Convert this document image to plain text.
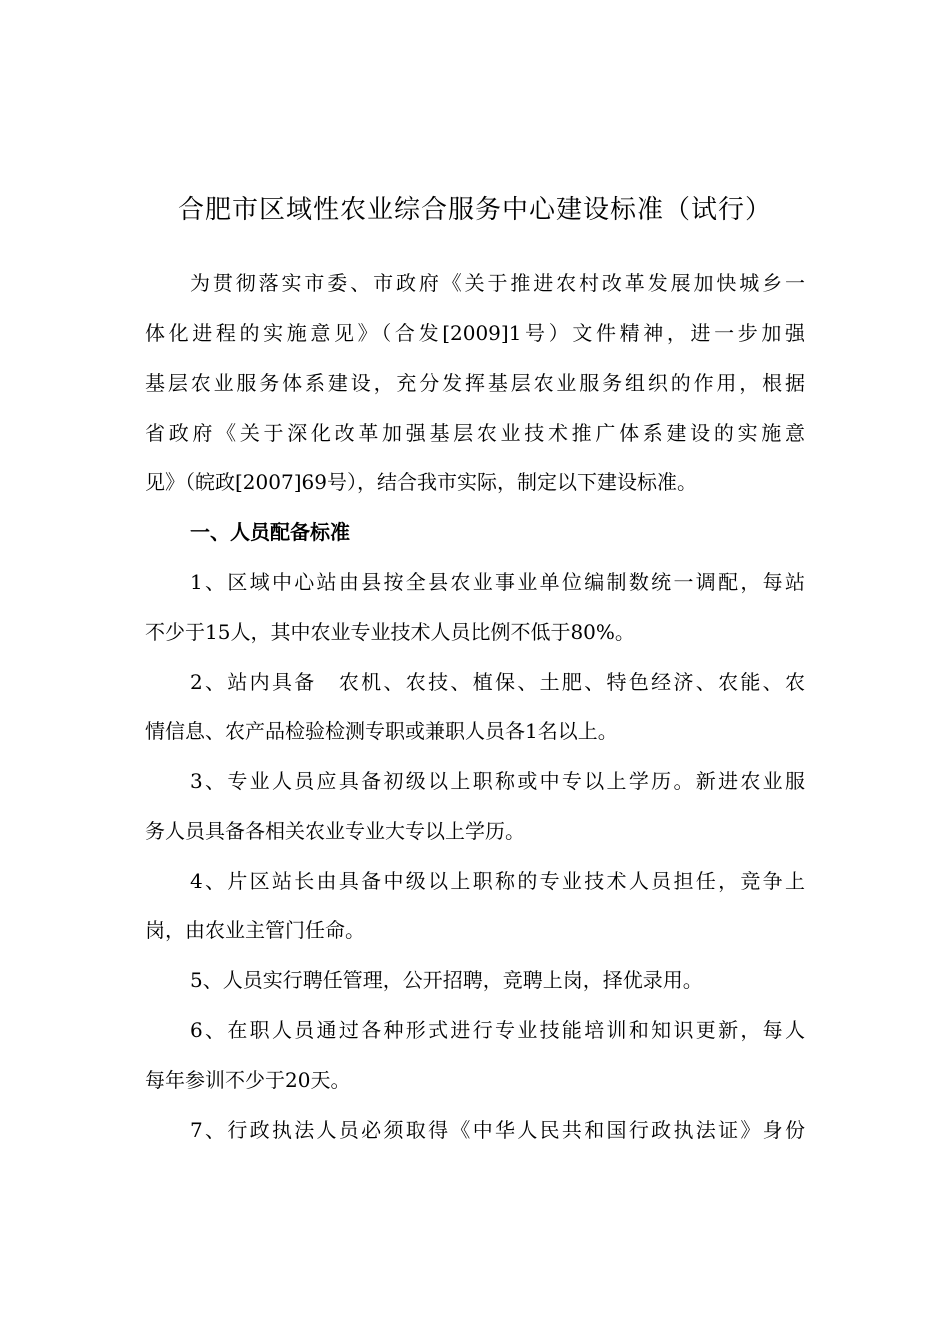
合肥市区域性农业综合服务中心建设标准（试行）
为贯彻落实市委、市政府《关于推进农村改革发展加快城乡一
体化进程的实施意见》（合发[2009]1号）文件精神，进一步加强
基层农业服务体系建设，充分发挥基层农业服务组织的作用，根据
省政府《关于深化改革加强基层农业技术推广体系建设的实施意
见》（皖政[2007]69号），结合我市实际，制定以下建设标准。
一、人员配备标准
1、区域中心站由县按全县农业事业单位编制数统一调配，每站
不少于15人，其中农业专业技术人员比例不低于80%。
2、站内具备　农机、农技、植保、土肥、特色经济、农能、农
情信息、农产品检验检测专职或兼职人员各1名以上。
3、专业人员应具备初级以上职称或中专以上学历。新进农业服
务人员具备各相关农业专业大专以上学历。
4、片区站长由具备中级以上职称的专业技术人员担任，竞争上
岗，由农业主管门任命。
5、人员实行聘任管理，公开招聘，竞聘上岗，择优录用。
6、在职人员通过各种形式进行专业技能培训和知识更新，每人
每年参训不少于20天。
7、行政执法人员必须取得《中华人民共和国行政执法证》身份
